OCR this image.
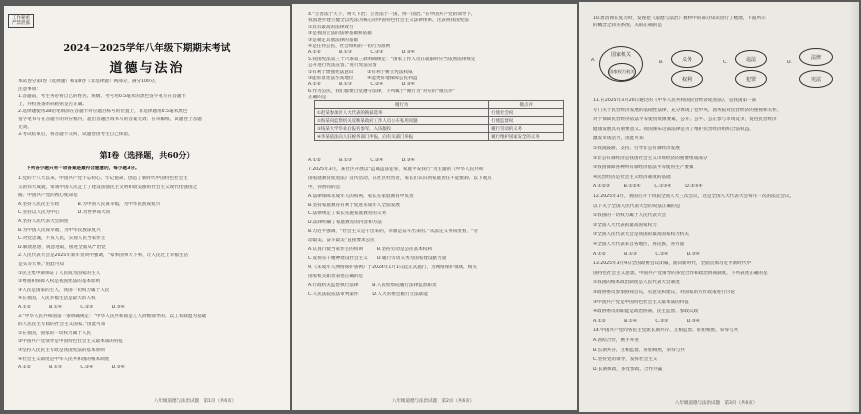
工作秘密
严禁泄露
2024－2025学年八年级下期期末考试
道德与法治
本试卷分第Ⅰ卷（选择题）和第Ⅱ卷（非选择题）两部分，满分100分。
注意事项：
1.答题前，考生务必将自己的姓名、班级、考号用0.5毫米的黑色签字笔写在答题卡
上，并检查条形码粘贴是否正确。
2.选择题使用2B铅笔填涂在答题卡对应题目标号的位置上，非选择题用0.5毫米黑色
签字笔书写在答题卡的对应框内，超出答题区域书写的答案无效；在草稿纸、试题卷上答题
无效。
3.考试结束后，将答题卡交回，试题卷由考生自己保留。
第Ⅰ卷（选择题，共60分）
下列各小题只有一项答案是最符合题意的，每小题3分。
1.党的十八大以来，中国共产党不忘初心、牢记使命，创造了新时代中国特色社会主
义的伟大成就，带领中国人民走上了建设富强民主文明和谐美丽的社会主义现代化强国之
路。中国共产党的初心使命是
A.坚持人民民主专政　　　　B.为中国人民谋幸福，为中华民族谋复兴
C.坚持以人民为中心　　　　D.为世界谋大同
A.坚持人民代表大会制度
B.为中国人民谋幸福，为中华民族谋复兴
C.对党忠诚，不负人民，实现人民当家作主
D.解放思想，锐意进取，推进全面从严治党
2.人民代表大会是2025年新年贺词中强调，“家事国事天下事，让人民过上幸福生活
是头等大事。”由此可知
①民主集中制保证了人民成为国家的主人
②尊重和保障人权是我国宪法的基本原则
③人民是国家的主人，我国一切权力属于人民
④在我国，人民幸福生活是最大的人权
A.①②　　　　B.①④　　　　C.②③　　　　D.③④
3.“中华人民共和国第一条明确规定：“中华人民共和国是工人阶级领导的、以工农联盟为基础
的人民民主专政的社会主义国家。”由此可知
①在我国，国家的一切权力属于人民
②中国共产党领导是中国特色社会主义最本质的特征
③坚持人民民主专政是我国宪法的基本原则
④社会主义制度是中华人民共和国的根本制度
A.①②　　　　B.①③　　　　C.②④　　　　D.③④
八年级道德与法治试题　第1页（共6页）
4.“立善法于天下，则天下治；立善法于一国，则一国治。”在中国共产党的领导下，
我国逐步建立健全以宪法为核心的中国特色社会主义法律体系。这表明我国宪法
①具有最高的法律效力
②是我国立法的法律基础和依据
③是制定其他法律的基础
④是任何公民、社会组织的一切行为准则
A.①②　　　　B.①③　　　　C.②③　　　　D.③④
5.我国宪法第三十六条第三款明确规定：“国家工作人员在就职时应当依照法律规定
公开进行宪法宣誓。”进行宪法宣誓
①有利于增强宪法意识　　　②有利于树立宪法权威
③能彰显宪法至高地位　　　④能更好地保障公民利益
A.①②　　　　B.①③　　　　C.②④　　　　D.③④
6.作为公民，我们都要自觉遵守法律，下列属于“微行为”对应的“微点评”
正确的是
微行为	微点评
①赵某参加区人大代表的换届选举	行使社会权
②海某向监察机关反映某政府工作人员公车私用问题	行使监督权
③钱某大学毕业后报名参军，入伍服役	履行劳动的义务
④李某依法向人驻税务部门申报，向有关部门举报	履行维护国家安全的义务
A.①②　　　　B.①③　　　　C.②④　　　　D.③④
7.2025年3月，某社区开展以“远离违法犯罪，家庭平安我行”为主题的《中华人民共和
国家庭教育促进法》宣传活动，在社区经营者，家长们认识到家庭责任不能推卸，以下观点
中，你赞同的是
A.法律保障未成年人的权利，家长在家庭教育中负责
B.坚持家庭教育有利于促进未成年人全面发展
C.法律规定了家长实施家庭教育的义务
D.法律明确了家庭教育的内容和方法
8.习近平强调，“社会主义是干出来的，幸福是奋斗出来的。”从法定义务角度看，“劳
动最美、奋斗最美”直接要求公民
A.认真行使当家作主的权利　　　B.坚持劳动是公民基本权利
C.发扬实干精神建设社会主义　　D.履行劳动义务为国家建设献力量
9.《未成年人网络保护条例》于2024年1月1日起正式施行，为网络保护领域，相关
国家机关职责表述正确的是
A.行政机关监督执行法律　　　B.人民检察院履行法律监督职责
C.人民法院依法审判案件　　　D.人大常委会履行立法职能
八年级道德与法治试题　第2页（共6页）
10.唐清洲在复习时，发现把《道德与法治》教材中的部分知识进行了梳理，下面所示
的概念之间关系图，关联正确的是
A.
国家机关
国家权力机关
B.	义务
权利
C.	违法
犯罪
D.
法律
宪法
11.在2025年3月20日通过的《中华人民共和国民营经济促进法》，是我国第一部
专门关于民营经济发展的基础性法律，充分体现了党中央、国务院对民营经济的重视和关怀，
对于保障民营经济依法平等使用资源要素，公开、公平、公正参与市场竞争，促进民营经济
健康发展具有重要意义。我国颁布这部法律是为了维护民营经济组织合法权益，
激发市场活力，由此可知
①我国鼓励、支持、引导非公有制经济发展
②非公有制经济是我国社会主义市场经济的重要组成部分
③我国保障各种所有制经济依法平等使用生产要素
④民营经济是社会主义经济制度的基础
A.①②③　　　B.①②④　　　C.①③④　　　D.②③④
12.2025年3月，我国召开十四届全国人大三次会议，这是全国人大代表大会每年一次的法定会议。
以下关于全国人民代表大会的说法正确的是
①我国的一切权力属于人民代表大会
②全国人大代表的最高国家权力
③全国人民代表大会是我国的最高国家权力机关
④全国人大代表来自各地区、各民族、各方面
A.①②　　　　B.①③　　　　C.②④　　　　D.③④
13.2025年3月9日全国政协会议闭幕，面向新时代，全面贯彻习近平新时代中
国特色社会主义思想。中国共产党领导的多党合作和政治协商制度，下列表述正确的是
①我国的根本政治制度是人民代表大会制度
②政协委员参加协商会议，有意见和建议，对国家的方针政策进行讨论
③中国共产党是中国特色社会主义最本质的特征
④政协委员的职能是政治协商、民主监督、参政议政
A.①②　　　　B.①④　　　　C.②③　　　　D.③④
14.中国共产党同各民主党派长期共存、互相监督、肝胆相照、荣辱与共
A.团结合作，携手并进
B.长期共存，互相监督，肝胆相照，荣辱与共
C.坚持党的领导，发挥社会主义
D.长期执政，多党参政，合作共赢
八年级道德与法治试题　第3页（共6页）
